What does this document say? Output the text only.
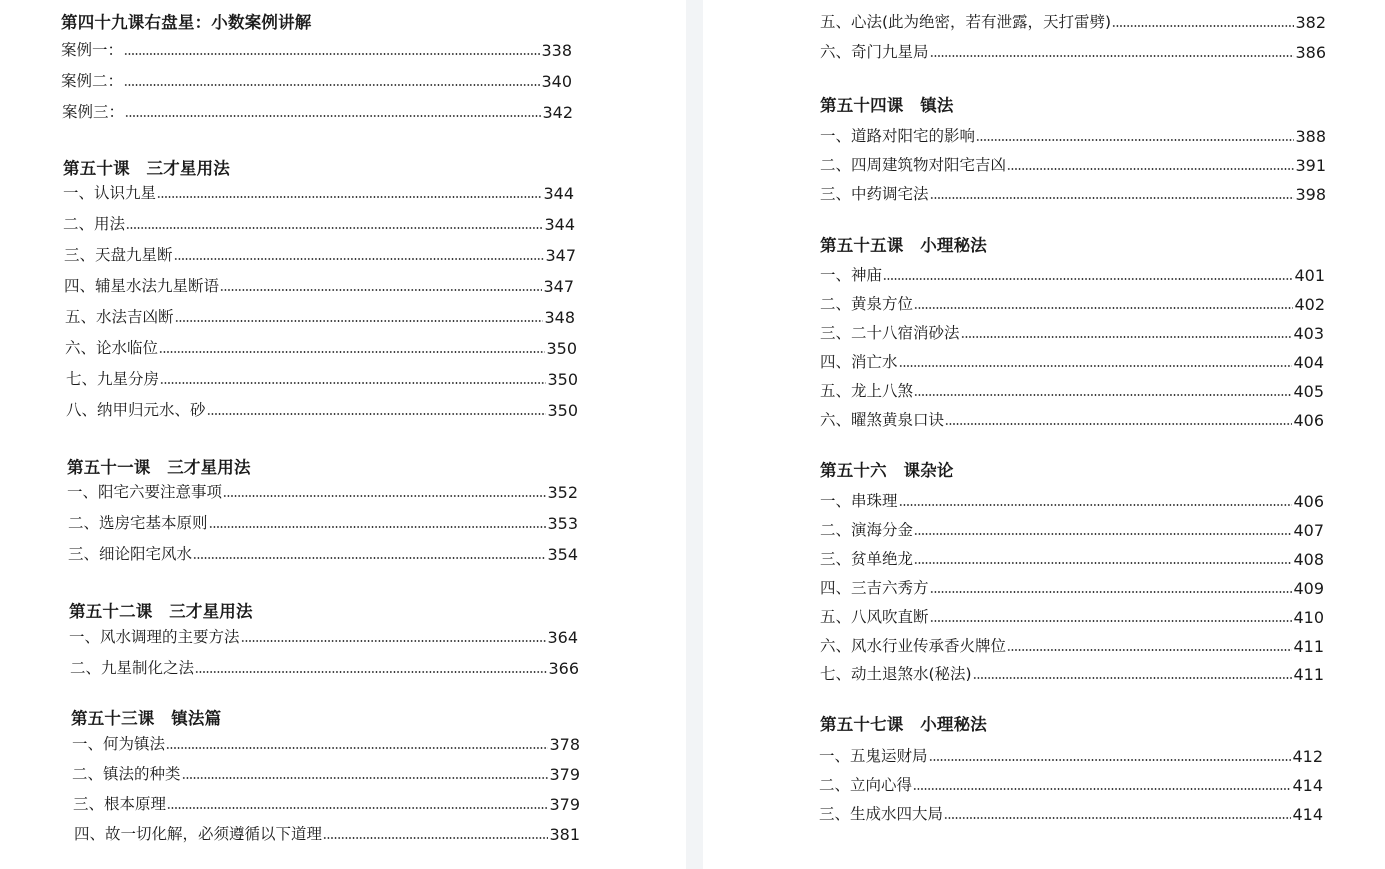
第四十九课右盘星：小数案例讲解
案例一：	338
案例二：	340
案例三：	342
第五十课　三才星用法
一、认识九星	344
二、用法	344
三、天盘九星断	347
四、辅星水法九星断语	347
五、水法吉凶断	348
六、论水临位	350
七、九星分房	350
八、纳甲归元水、砂	350
第五十一课　三才星用法
一、阳宅六要注意事项	352
二、选房宅基本原则	353
三、细论阳宅风水	354
第五十二课　三才星用法
一、风水调理的主要方法	364
二、九星制化之法	366
第五十三课　镇法篇
一、何为镇法	378
二、镇法的种类	379
三、根本原理	379
四、故一切化解，必须遵循以下道理	381
五、心法(此为绝密，若有泄露，天打雷劈)	382
六、奇门九星局	386
第五十四课　镇法
一、道路对阳宅的影响	388
二、四周建筑物对阳宅吉凶	391
三、中药调宅法	398
第五十五课　小理秘法
一、神庙	401
二、黄泉方位	402
三、二十八宿消砂法	403
四、消亡水	404
五、龙上八煞	405
六、曜煞黄泉口诀	406
第五十六　课杂论
一、串珠理	406
二、演海分金	407
三、贫单绝龙	408
四、三吉六秀方	409
五、八风吹直断	410
六、风水行业传承香火牌位	411
七、动土退煞水(秘法)	411
第五十七课　小理秘法
一、五鬼运财局	412
二、立向心得	414
三、生成水四大局	414
